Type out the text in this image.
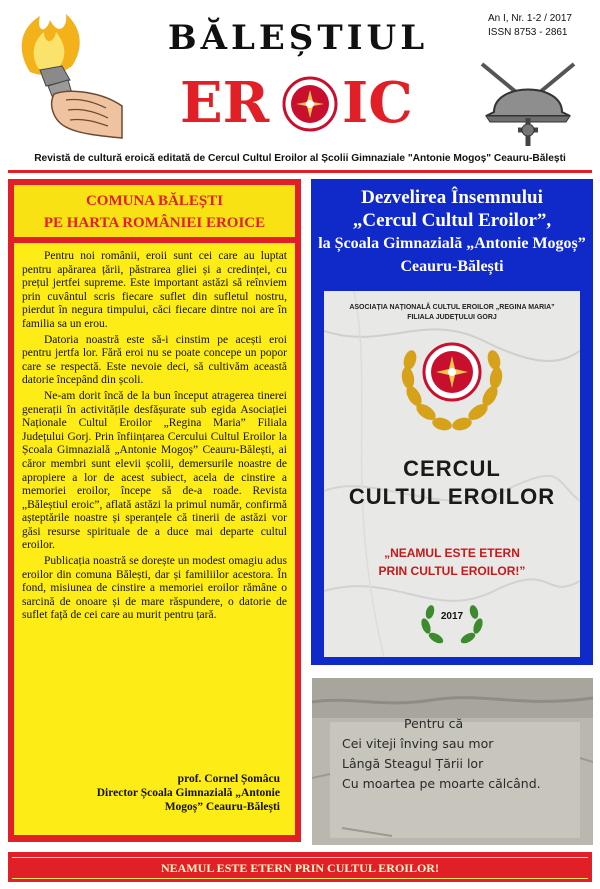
BĂLEȘTIUL
ER IC
An I, Nr. 1-2 / 2017
ISSN 8753 - 2861
Revistă de cultură eroică editată de Cercul Cultul Eroilor al Școlii Gimnaziale "Antonie Mogoș" Ceauru-Bălești
COMUNA BĂLEȘTI
PE HARTA ROMÂNIEI EROICE

Pentru noi românii, eroii sunt cei care au luptat pentru apărarea țării, păstrarea gliei și a credinței, cu prețul jertfei supreme. Este important astăzi să reînviem prin cuvântul scris fiecare suflet din sufletul nostru, pierdut în negura timpului, căci fiecare dintre noi are în familia sa un erou.

Datoria noastră este să-i cinstim pe acești eroi pentru jertfa lor. Fără eroi nu se poate concepe un popor care se respectă. Este nevoie deci, să cultivăm această datorie începând din școli.

Ne-am dorit încă de la bun început atragerea tinerei generații în activitățile desfășurate sub egida Asociației Naționale Cultul Eroilor „Regina Maria” Filiala Județului Gorj. Prin înființarea Cercului Cultul Eroilor la Școala Gimnazială „Antonie Mogoș” Ceauru-Bălești, ai căror membri sunt elevii școlii, demersurile noastre de apropiere a lor de acest subiect, acela de cinstire a memoriei eroilor, începe să de-a roade. Revista „Băleștiul eroic”, aflată astăzi la primul număr, confirmă așteptările noastre și speranțele că tinerii de astăzi vor găsi resurse spirituale de a duce mai departe cultul eroilor.

Publicația noastră se dorește un modest omagiu adus eroilor din comuna Bălești, dar și familiilor acestora. În fond, misiunea de cinstire a memoriei eroilor rămâne o sarcină de onoare și de mare răspundere, o datorie de suflet față de cei care au murit pentru țară.

prof. Cornel Șomâcu
Director Școala Gimnazială „Antonie
Mogoș” Ceauru-Bălești
Dezvelirea Însemnului
„Cercul Cultul Eroilor”,
la Școala Gimnazială „Antonie Mogoș” Ceauru-Bălești
ASOCIAȚIA NAȚIONALĂ CULTUL EROILOR „REGINA MARIA”
FILIALA JUDEȚULUI GORJ
CERCUL
CULTUL EROILOR
„NEAMUL ESTE ETERN
PRIN CULTUL EROILOR!”
2017
Pentru că
Cei viteji înving sau mor
Lângă Steagul Țării lor
Cu moartea pe moarte călcând.
NEAMUL ESTE ETERN PRIN CULTUL EROILOR!
